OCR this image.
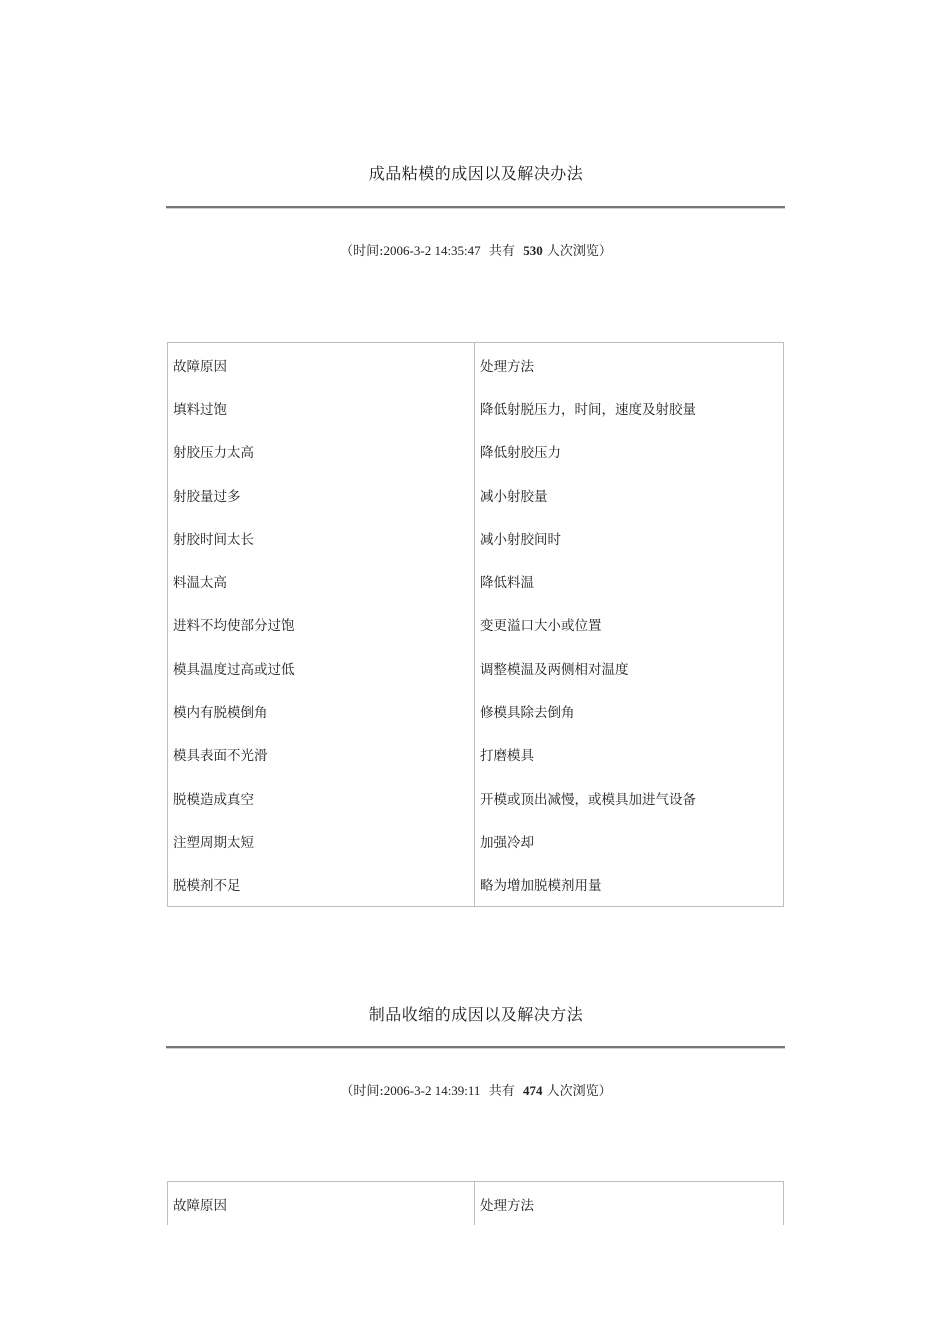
成品粘模的成因以及解决办法
（时间:2006-3-2 14:35:47  共有  530 人次浏览）
故障原因	处理方法
填料过饱	降低射脱压力，时间，速度及射胶量
射胶压力太高	降低射胶压力
射胶量过多	减小射胶量
射胶时间太长	减小射胶间时
料温太高	降低料温
进料不均使部分过饱	变更溢口大小或位置
模具温度过高或过低	调整模温及两侧相对温度
模内有脱模倒角	修模具除去倒角
模具表面不光滑	打磨模具
脱模造成真空	开模或顶出减慢，或模具加进气设备
注塑周期太短	加强冷却
脱模剂不足	略为增加脱模剂用量
制品收缩的成因以及解决方法
（时间:2006-3-2 14:39:11  共有  474 人次浏览）
故障原因	处理方法
